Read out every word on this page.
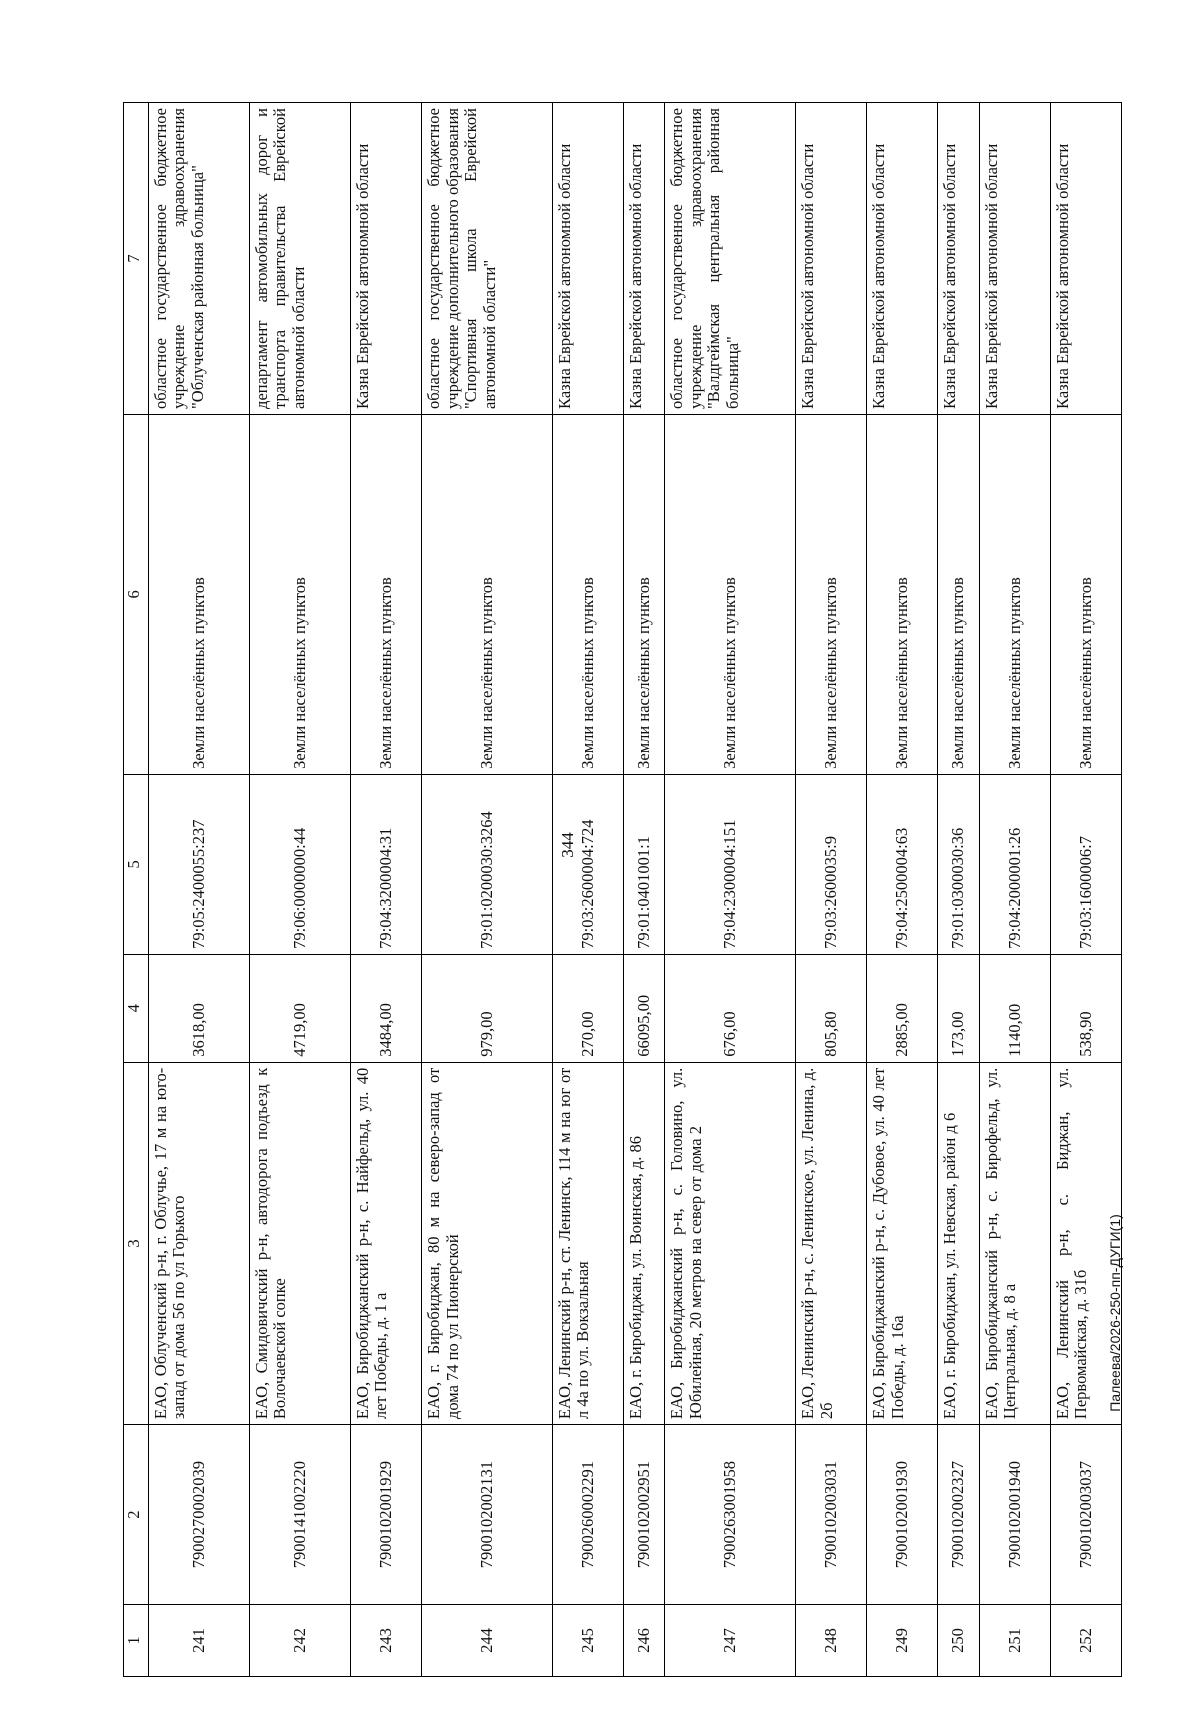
344
Палеева/2026-250-пп-ДУГИ(1)
1	2	3	4	5	6	7
241	7900270002039	ЕАО, Облученский р-н, г. Облучье, 17 м на юго-запад от дома 56 по ул Горького	3618,00	79:05:2400055:237	Земли населённых пунктов	областное государственное бюджетное учреждение здравоохранения "Облученская районная больница"
242	7900141002220	ЕАО, Смидовичский р-н, автодорога подъезд к Волочаевской сопке	4719,00	79:06:0000000:44	Земли населённых пунктов	департамент автомобильных дорог и транспорта правительства Еврейской автономной области
243	7900102001929	ЕАО, Биробиджанский р-н, с. Найфельд, ул. 40 лет Победы, д. 1 а	3484,00	79:04:3200004:31	Земли населённых пунктов	Казна Еврейской автономной области
244	7900102002131	ЕАО, г. Биробиджан, 80 м на северо-запад от дома 74 по ул Пионерской	979,00	79:01:0200030:3264	Земли населённых пунктов	областное государственное бюджетное учреждение дополнительного образования "Спортивная школа Еврейской автономной области"
245	7900260002291	ЕАО, Ленинский р-н, ст. Ленинск, 114 м на юг от л 4а по ул. Вокзальная	270,00	79:03:2600004:724	Земли населённых пунктов	Казна Еврейской автономной области
246	7900102002951	ЕАО, г. Биробиджан, ул. Воинская, д. 86	66095,00	79:01:0401001:1	Земли населённых пунктов	Казна Еврейской автономной области
247	7900263001958	ЕАО, Биробиджанский р-н, с. Головино, ул. Юбилейная, 20 метров на север от дома 2	676,00	79:04:2300004:151	Земли населённых пунктов	областное государственное бюджетное учреждение здравоохранения "Валдгеймская центральная районная больница"
248	7900102003031	ЕАО, Ленинский р-н, с. Ленинское, ул. Ленина, д. 2б	805,80	79:03:2600035:9	Земли населённых пунктов	Казна Еврейской автономной области
249	7900102001930	ЕАО, Биробиджанский р-н, с. Дубовое, ул. 40 лет Победы, д. 16а	2885,00	79:04:2500004:63	Земли населённых пунктов	Казна Еврейской автономной области
250	7900102002327	ЕАО, г. Биробиджан, ул. Невская, район д 6	173,00	79:01:0300030:36	Земли населённых пунктов	Казна Еврейской автономной области
251	7900102001940	ЕАО, Биробиджанский р-н, с. Бирофельд, ул. Центральная, д. 8 а	1140,00	79:04:2000001:26	Земли населённых пунктов	Казна Еврейской автономной области
252	7900102003037	ЕАО, Ленинский р-н, с. Биджан, ул. Первомайская, д. 31б	538,90	79:03:1600006:7	Земли населённых пунктов	Казна Еврейской автономной области
